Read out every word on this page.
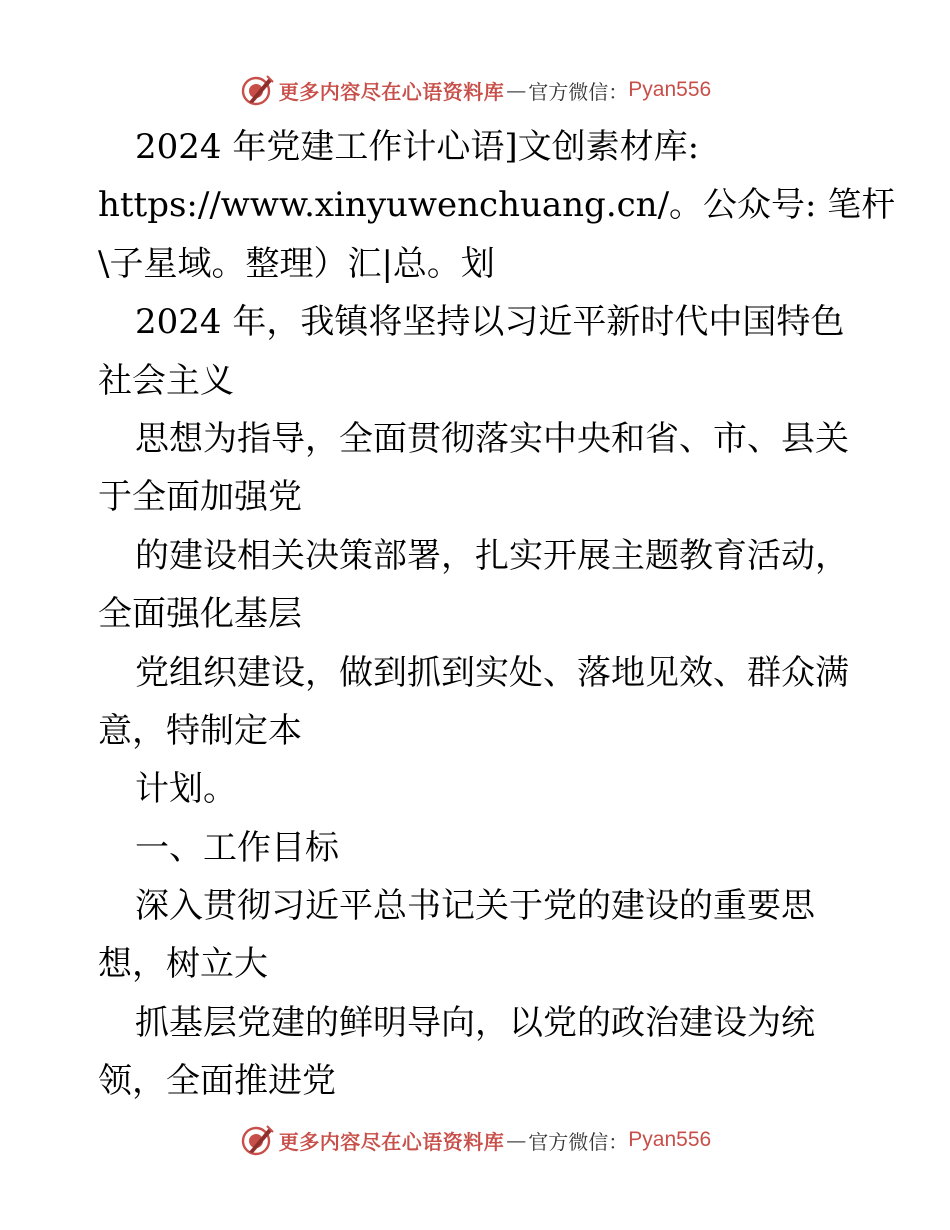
更多内容尽在心语资料库 — 官方微信： Pyan556
2024 年党建工作计心语]文创素材库:
https://www.xinyuwenchuang.cn/。公众号: 笔杆
\子星域。整理）汇|总。划
2024 年，我镇将坚持以习近平新时代中国特色
社会主义
思想为指导，全面贯彻落实中央和省、市、县关
于全面加强党
的建设相关决策部署，扎实开展主题教育活动，
全面强化基层
党组织建设，做到抓到实处、落地见效、群众满
意，特制定本
计划。
一、工作目标
深入贯彻习近平总书记关于党的建设的重要思
想，树立大
抓基层党建的鲜明导向，以党的政治建设为统
领，全面推进党
更多内容尽在心语资料库 — 官方微信： Pyan556
